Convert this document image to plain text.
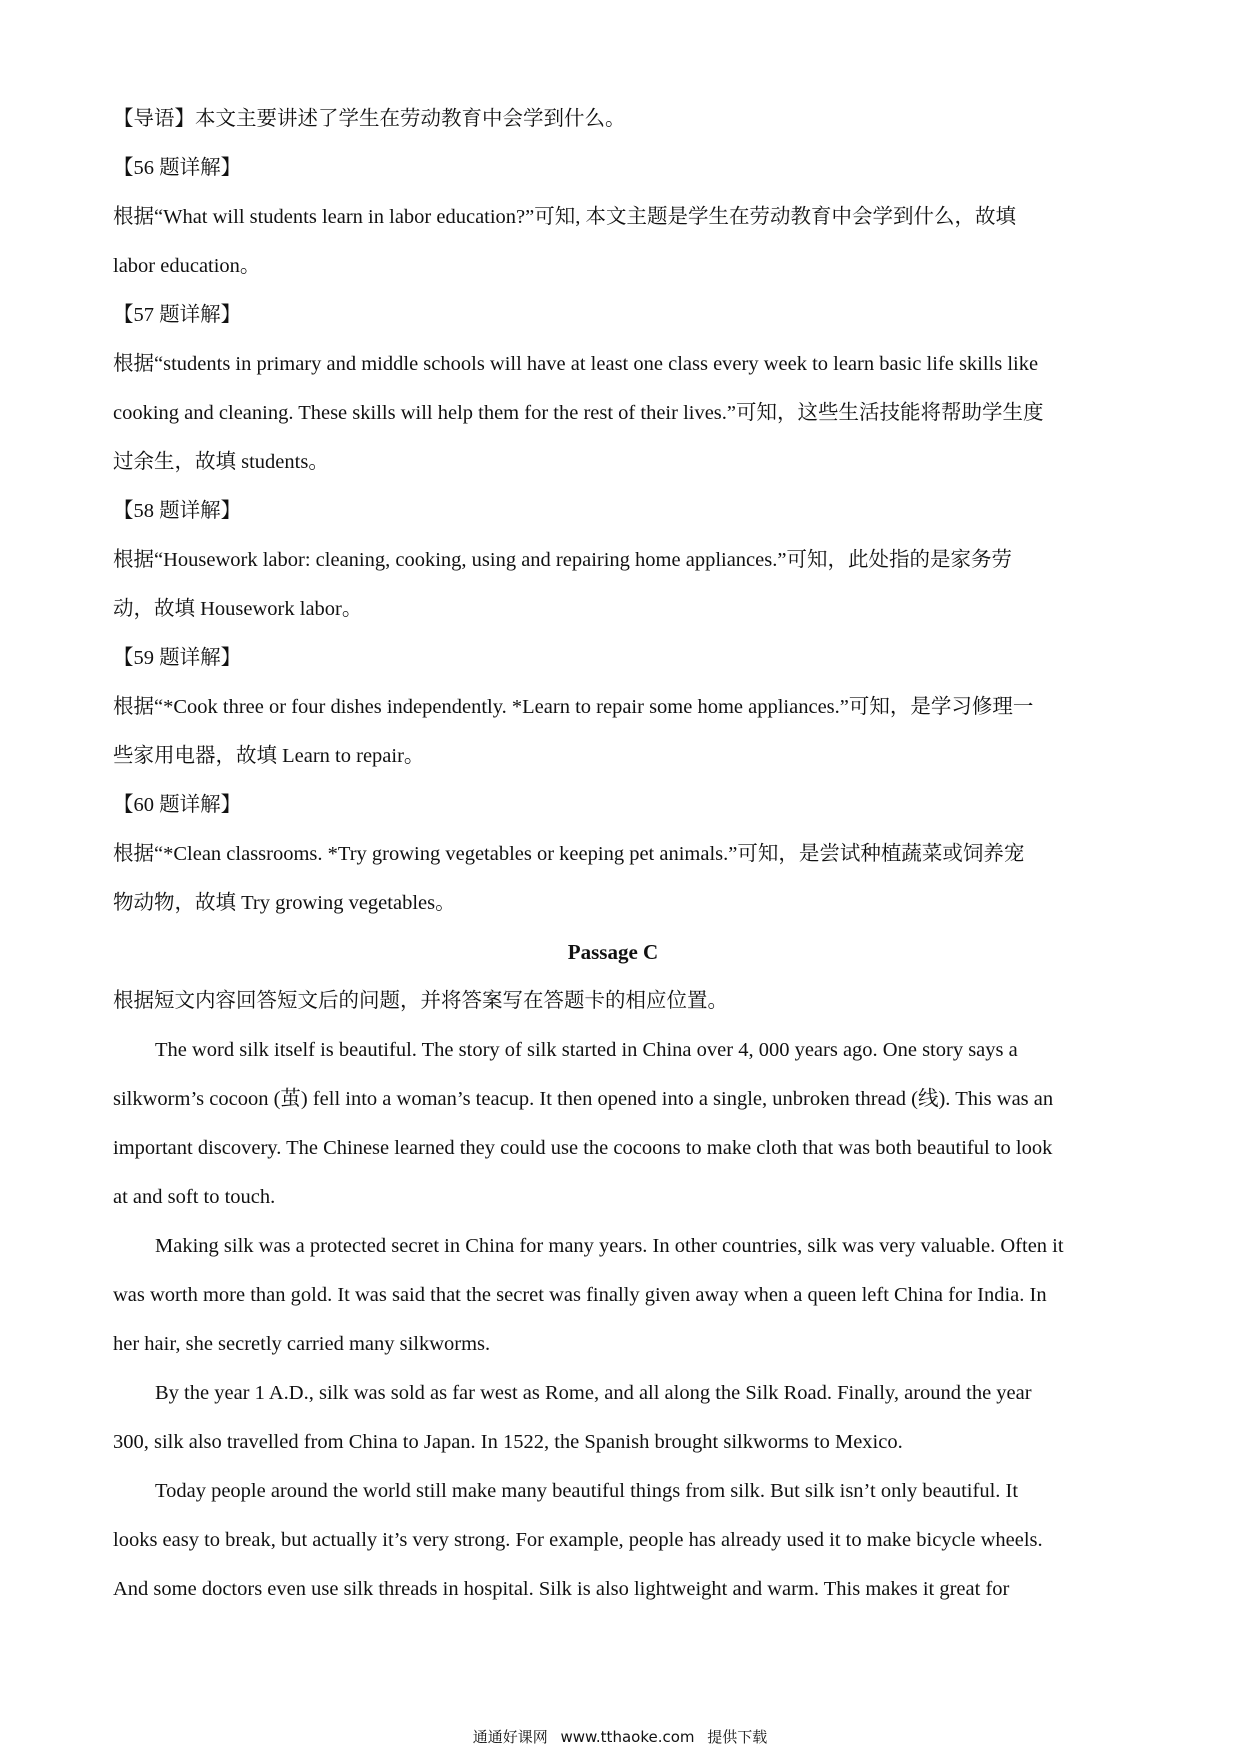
【导语】本文主要讲述了学生在劳动教育中会学到什么。

【56 题详解】

根据“What will students learn in labor education?”可知, 本文主题是学生在劳动教育中会学到什么，故填

labor education。

【57 题详解】

根据“students in primary and middle schools will have at least one class every week to learn basic life skills like

cooking and cleaning. These skills will help them for the rest of their lives.”可知，这些生活技能将帮助学生度

过余生，故填 students。

【58 题详解】

根据“Housework labor: cleaning, cooking, using and repairing home appliances.”可知，此处指的是家务劳

动，故填 Housework labor。

【59 题详解】

根据“*Cook three or four dishes independently. *Learn to repair some home appliances.”可知，是学习修理一

些家用电器，故填 Learn to repair。

【60 题详解】

根据“*Clean classrooms. *Try growing vegetables or keeping pet animals.”可知，是尝试种植蔬菜或饲养宠

物动物，故填 Try growing vegetables。

Passage C

根据短文内容回答短文后的问题，并将答案写在答题卡的相应位置。

The word silk itself is beautiful. The story of silk started in China over 4, 000 years ago. One story says a

silkworm’s cocoon (茧) fell into a woman’s teacup. It then opened into a single, unbroken thread (线). This was an

important discovery. The Chinese learned they could use the cocoons to make cloth that was both beautiful to look

at and soft to touch.

Making silk was a protected secret in China for many years. In other countries, silk was very valuable. Often it

was worth more than gold. It was said that the secret was finally given away when a queen left China for India. In

her hair, she secretly carried many silkworms.

By the year 1 A.D., silk was sold as far west as Rome, and all along the Silk Road. Finally, around the year

300, silk also travelled from China to Japan. In 1522, the Spanish brought silkworms to Mexico.

Today people around the world still make many beautiful things from silk. But silk isn’t only beautiful. It

looks easy to break, but actually it’s very strong. For example, people has already used it to make bicycle wheels.

And some doctors even use silk threads in hospital. Silk is also lightweight and warm. This makes it great for

通通好课网 www.tthaoke.com 提供下载
